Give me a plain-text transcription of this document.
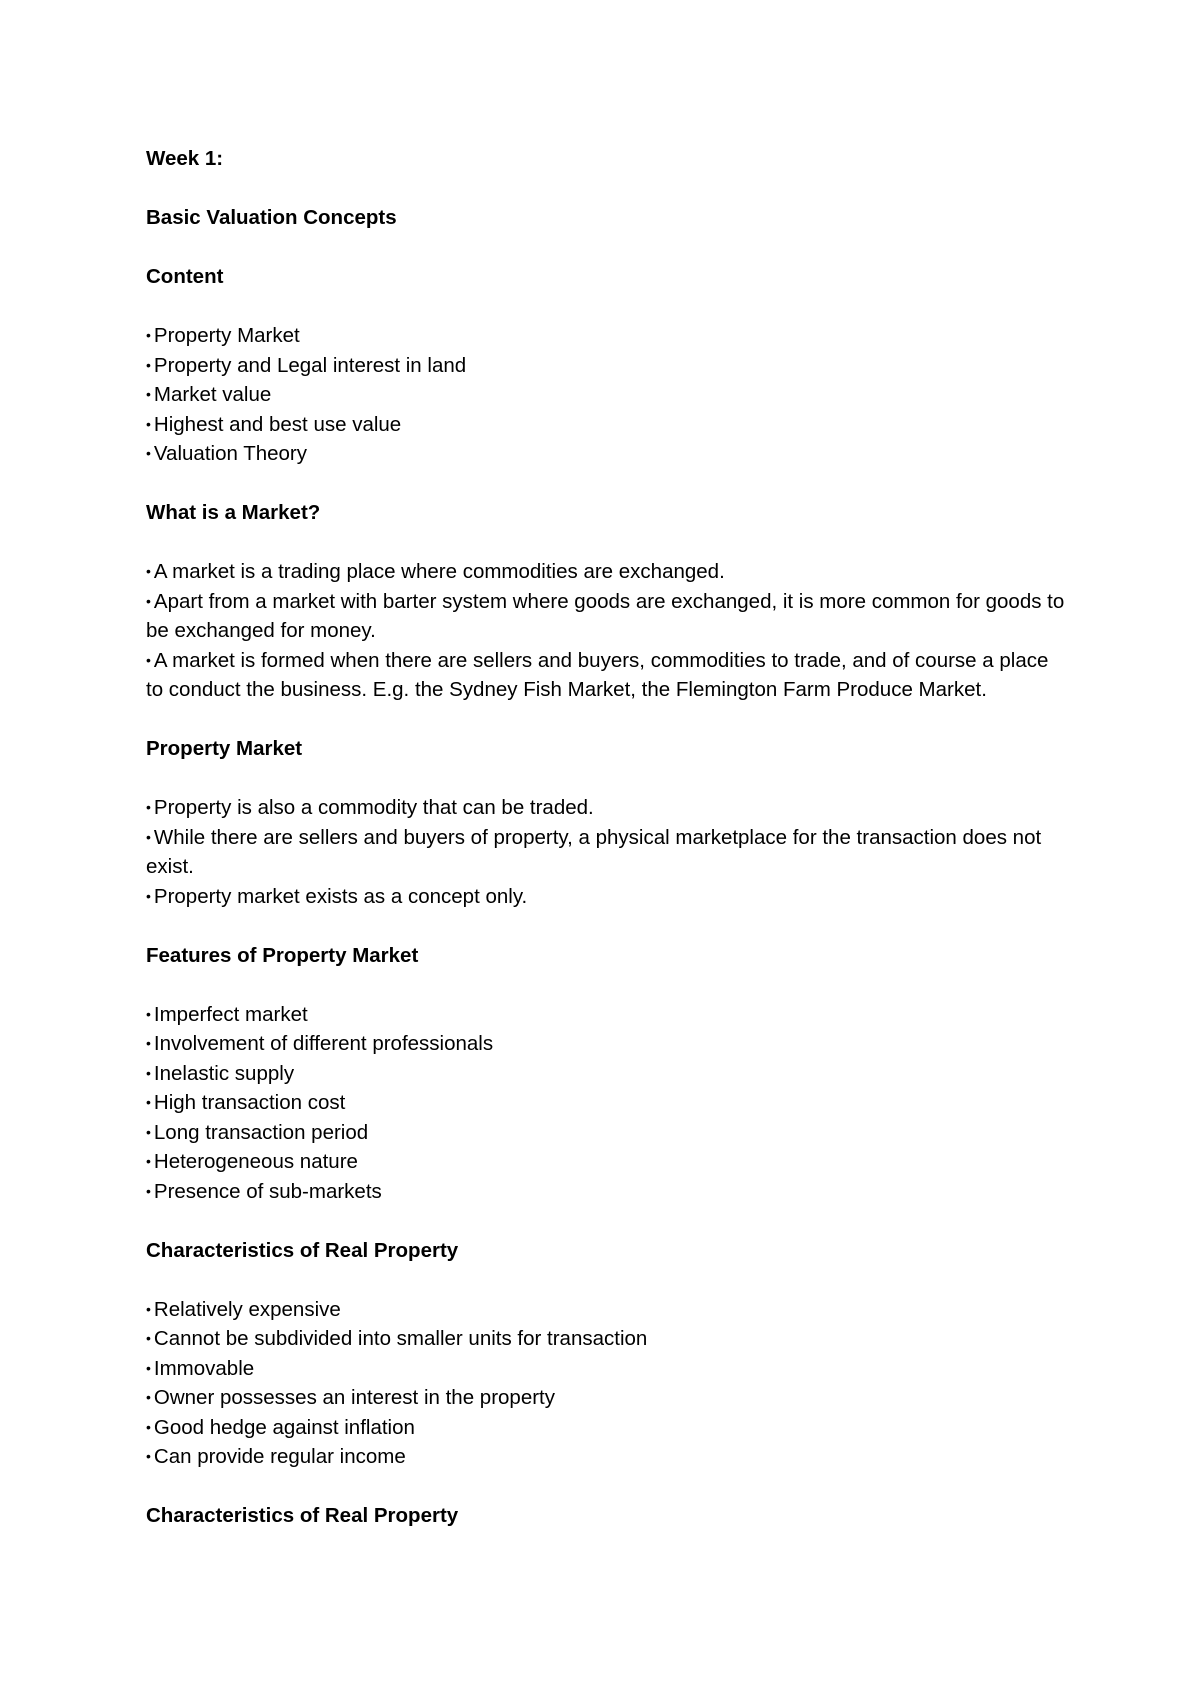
Week 1:
Basic Valuation Concepts
Content
• Property Market
• Property and Legal interest in land
• Market value
• Highest and best use value
• Valuation Theory
What is a Market?
• A market is a trading place where commodities are exchanged.
• Apart from a market with barter system where goods are exchanged, it is more common for goods to be exchanged for money.
• A market is formed when there are sellers and buyers, commodities to trade, and of course a place to conduct the business. E.g. the Sydney Fish Market, the Flemington Farm Produce Market.
Property Market
• Property is also a commodity that can be traded.
• While there are sellers and buyers of property, a physical marketplace for the transaction does not exist.
• Property market exists as a concept only.
Features of Property Market
• Imperfect market
• Involvement of different professionals
• Inelastic supply
• High transaction cost
• Long transaction period
• Heterogeneous nature
• Presence of sub-markets
Characteristics of Real Property
• Relatively expensive
• Cannot be subdivided into smaller units for transaction
• Immovable
• Owner possesses an interest in the property
• Good hedge against inflation
• Can provide regular income
Characteristics of Real Property
